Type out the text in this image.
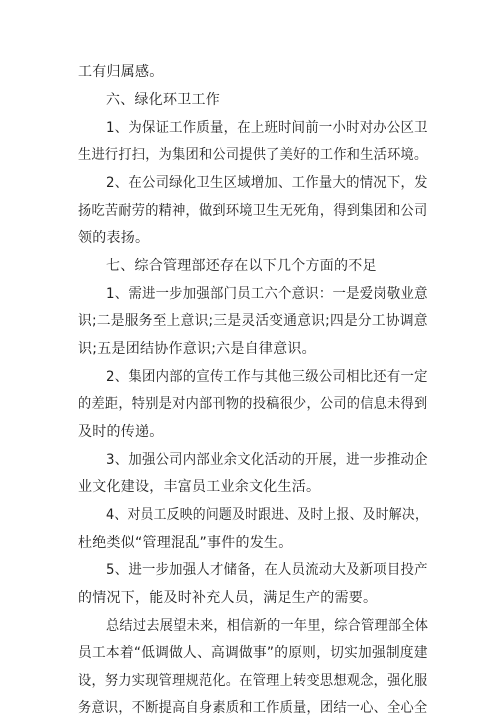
工有归属感。
六、绿化环卫工作
1、为保证工作质量，在上班时间前一小时对办公区卫
生进行打扫，为集团和公司提供了美好的工作和生活环境。
2、在公司绿化卫生区域增加、工作量大的情况下，发
扬吃苦耐劳的精神，做到环境卫生无死角，得到集团和公司
领的表扬。
七、综合管理部还存在以下几个方面的不足
1、需进一步加强部门员工六个意识：一是爱岗敬业意
识;二是服务至上意识;三是灵活变通意识;四是分工协调意
识;五是团结协作意识;六是自律意识。
2、集团内部的宣传工作与其他三级公司相比还有一定
的差距，特别是对内部刊物的投稿很少，公司的信息未得到
及时的传递。
3、加强公司内部业余文化活动的开展，进一步推动企
业文化建设，丰富员工业余文化生活。
4、对员工反映的问题及时跟进、及时上报、及时解决，
杜绝类似“管理混乱”事件的发生。
5、进一步加强人才储备，在人员流动大及新项目投产
的情况下，能及时补充人员，满足生产的需要。
总结过去展望未来，相信新的一年里，综合管理部全体
员工本着“低调做人、高调做事”的原则，切实加强制度建
设，努力实现管理规范化。在管理上转变思想观念，强化服
务意识，不断提高自身素质和工作质量，团结一心、全心全
